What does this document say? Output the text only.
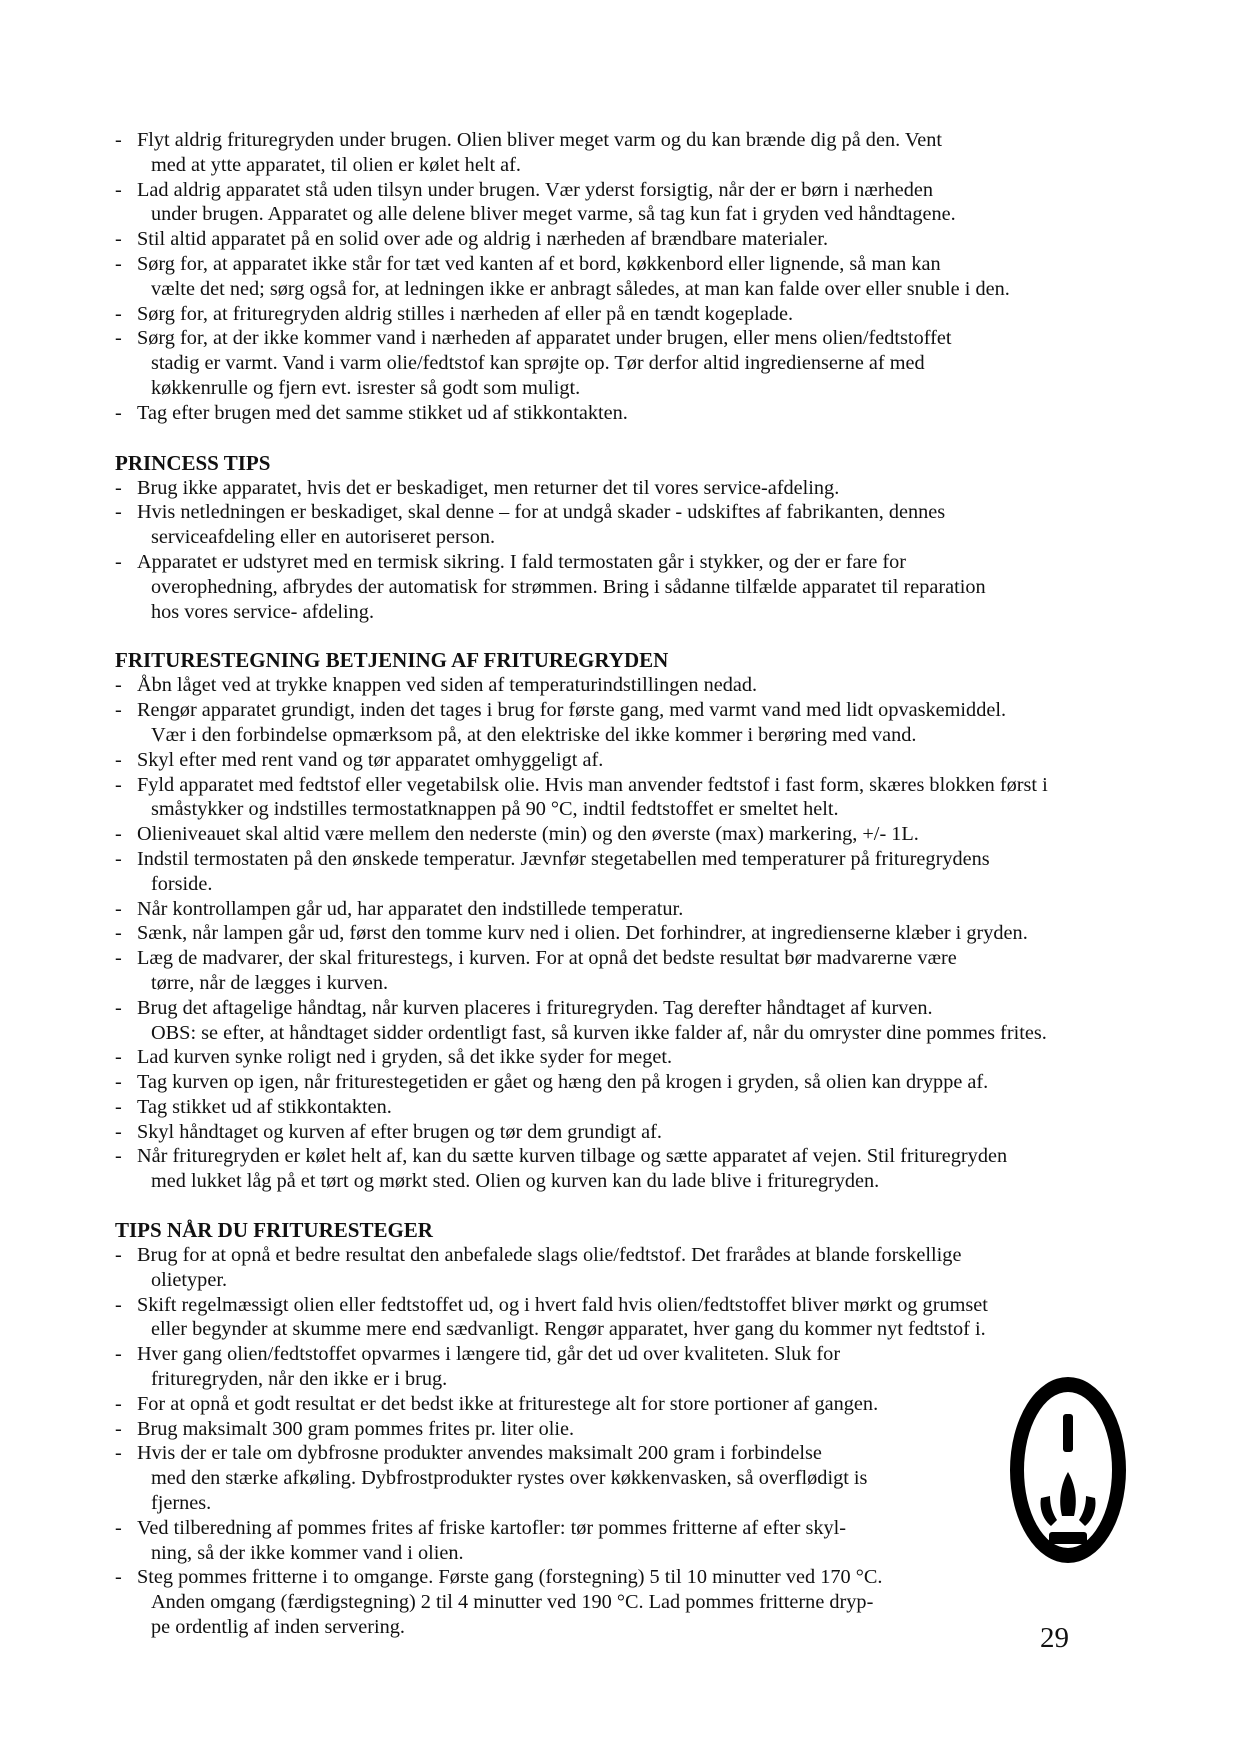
- Flyt aldrig frituregryden under brugen. Olien bliver meget varm og du kan brænde dig på den. Vent
med at ytte apparatet, til olien er kølet helt af.
- Lad aldrig apparatet stå uden tilsyn under brugen. Vær yderst forsigtig, når der er børn i nærheden
under brugen. Apparatet og alle delene bliver meget varme, så tag kun fat i gryden ved håndtagene.
- Stil altid apparatet på en solid over ade og aldrig i nærheden af brændbare materialer.
- Sørg for, at apparatet ikke står for tæt ved kanten af et bord, køkkenbord eller lignende, så man kan
vælte det ned; sørg også for, at ledningen ikke er anbragt således, at man kan falde over eller snuble i den.
- Sørg for, at frituregryden aldrig stilles i nærheden af eller på en tændt kogeplade.
- Sørg for, at der ikke kommer vand i nærheden af apparatet under brugen, eller mens olien/fedtstoffet
stadig er varmt. Vand i varm olie/fedtstof kan sprøjte op. Tør derfor altid ingredienserne af med
køkkenrulle og fjern evt. isrester så godt som muligt.
- Tag efter brugen med det samme stikket ud af stikkontakten.
PRINCESS TIPS
- Brug ikke apparatet, hvis det er beskadiget, men returner det til vores service-afdeling.
- Hvis netledningen er beskadiget, skal denne – for at undgå skader - udskiftes af fabrikanten, dennes
serviceafdeling eller en autoriseret person.
- Apparatet er udstyret med en termisk sikring. I fald termostaten går i stykker, og der er fare for
overophedning, afbrydes der automatisk for strømmen. Bring i sådanne tilfælde apparatet til reparation
hos vores service- afdeling.
FRITURESTEGNING BETJENING AF FRITUREGRYDEN
- Åbn låget ved at trykke knappen ved siden af temperaturindstillingen nedad.
- Rengør apparatet grundigt, inden det tages i brug for første gang, med varmt vand med lidt opvaskemiddel.
Vær i den forbindelse opmærksom på, at den elektriske del ikke kommer i berøring med vand.
- Skyl efter med rent vand og tør apparatet omhyggeligt af.
- Fyld apparatet med fedtstof eller vegetabilsk olie. Hvis man anvender fedtstof i fast form, skæres blokken først i
småstykker og indstilles termostatknappen på 90 °C, indtil fedtstoffet er smeltet helt.
- Olieniveauet skal altid være mellem den nederste (min) og den øverste (max) markering, +/- 1L.
- Indstil termostaten på den ønskede temperatur. Jævnfør stegetabellen med temperaturer på frituregrydens
forside.
- Når kontrollampen går ud, har apparatet den indstillede temperatur.
- Sænk, når lampen går ud, først den tomme kurv ned i olien. Det forhindrer, at ingredienserne klæber i gryden.
- Læg de madvarer, der skal friturestegs, i kurven. For at opnå det bedste resultat bør madvarerne være
tørre, når de lægges i kurven.
- Brug det aftagelige håndtag, når kurven placeres i frituregryden. Tag derefter håndtaget af kurven.
OBS: se efter, at håndtaget sidder ordentligt fast, så kurven ikke falder af, når du omryster dine pommes frites.
- Lad kurven synke roligt ned i gryden, så det ikke syder for meget.
- Tag kurven op igen, når friturestegetiden er gået og hæng den på krogen i gryden, så olien kan dryppe af.
- Tag stikket ud af stikkontakten.
- Skyl håndtaget og kurven af efter brugen og tør dem grundigt af.
- Når frituregryden er kølet helt af, kan du sætte kurven tilbage og sætte apparatet af vejen. Stil frituregryden
med lukket låg på et tørt og mørkt sted. Olien og kurven kan du lade blive i frituregryden.
TIPS NÅR DU FRITURESTEGER
- Brug for at opnå et bedre resultat den anbefalede slags olie/fedtstof. Det frarådes at blande forskellige
olietyper.
- Skift regelmæssigt olien eller fedtstoffet ud, og i hvert fald hvis olien/fedtstoffet bliver mørkt og grumset
eller begynder at skumme mere end sædvanligt. Rengør apparatet, hver gang du kommer nyt fedtstof i.
- Hver gang olien/fedtstoffet opvarmes i længere tid, går det ud over kvaliteten. Sluk for
frituregryden, når den ikke er i brug.
- For at opnå et godt resultat er det bedst ikke at friturestege alt for store portioner af gangen.
- Brug maksimalt 300 gram pommes frites pr. liter olie.
- Hvis der er tale om dybfrosne produkter anvendes maksimalt 200 gram i forbindelse
med den stærke afkøling. Dybfrostprodukter rystes over køkkenvasken, så overflødigt is
fjernes.
- Ved tilberedning af pommes frites af friske kartofler: tør pommes fritterne af efter skyl-
ning, så der ikke kommer vand i olien.
- Steg pommes fritterne i to omgange. Første gang (forstegning) 5 til 10 minutter ved 170 °C.
Anden omgang (færdigstegning) 2 til 4 minutter ved 190 °C. Lad pommes fritterne dryp-
pe ordentlig af inden servering.	29
